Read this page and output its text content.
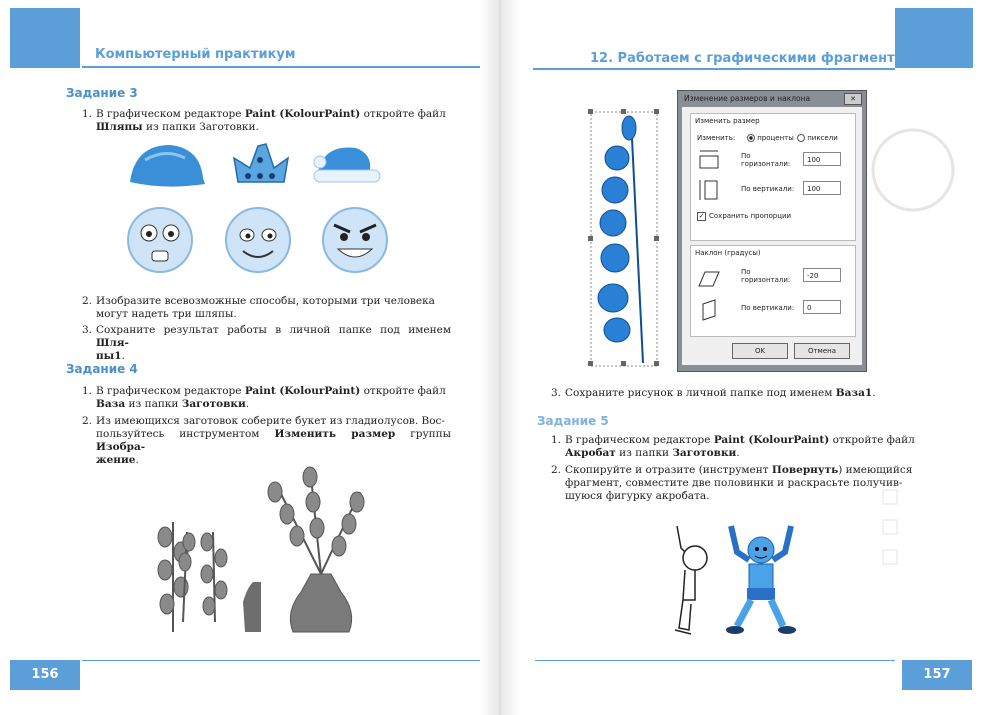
Компьютерный практикум
Задание 3
1. В графическом редакторе Paint (KolourPaint) откройте файл
Шляпы из папки Заготовки.
2. Изобразите всевозможные способы, которыми три человека
могут надеть три шляпы.
3. Сохраните результат работы в личной папке под именем Шля-
пы1.
Задание 4
1. В графическом редакторе Paint (KolourPaint) откройте файл
Ваза из папки Заготовки.
2. Из имеющихся заготовок соберите букет из гладиолусов. Вос-
пользуйтесь инструментом Изменить размер группы Изобра-
жение.
156
12. Работаем с графическими фрагментами
Изменение размеров и наклона	✕
Изменить размер
Изменить:	проценты	пиксели
По
горизонтали:	100
По вертикали:	100
✓ Сохранить пропорции
Наклон (градусы)
По
горизонтали:	-20
По вертикали:	0
OK	Отмена
3. Сохраните рисунок в личной папке под именем Ваза1.
Задание 5
1. В графическом редакторе Paint (KolourPaint) откройте файл
Акробат из папки Заготовки.
2. Скопируйте и отразите (инструмент Повернуть) имеющийся
фрагмент, совместите две половинки и раскрасьте получив-
шуюся фигурку акробата.
157
